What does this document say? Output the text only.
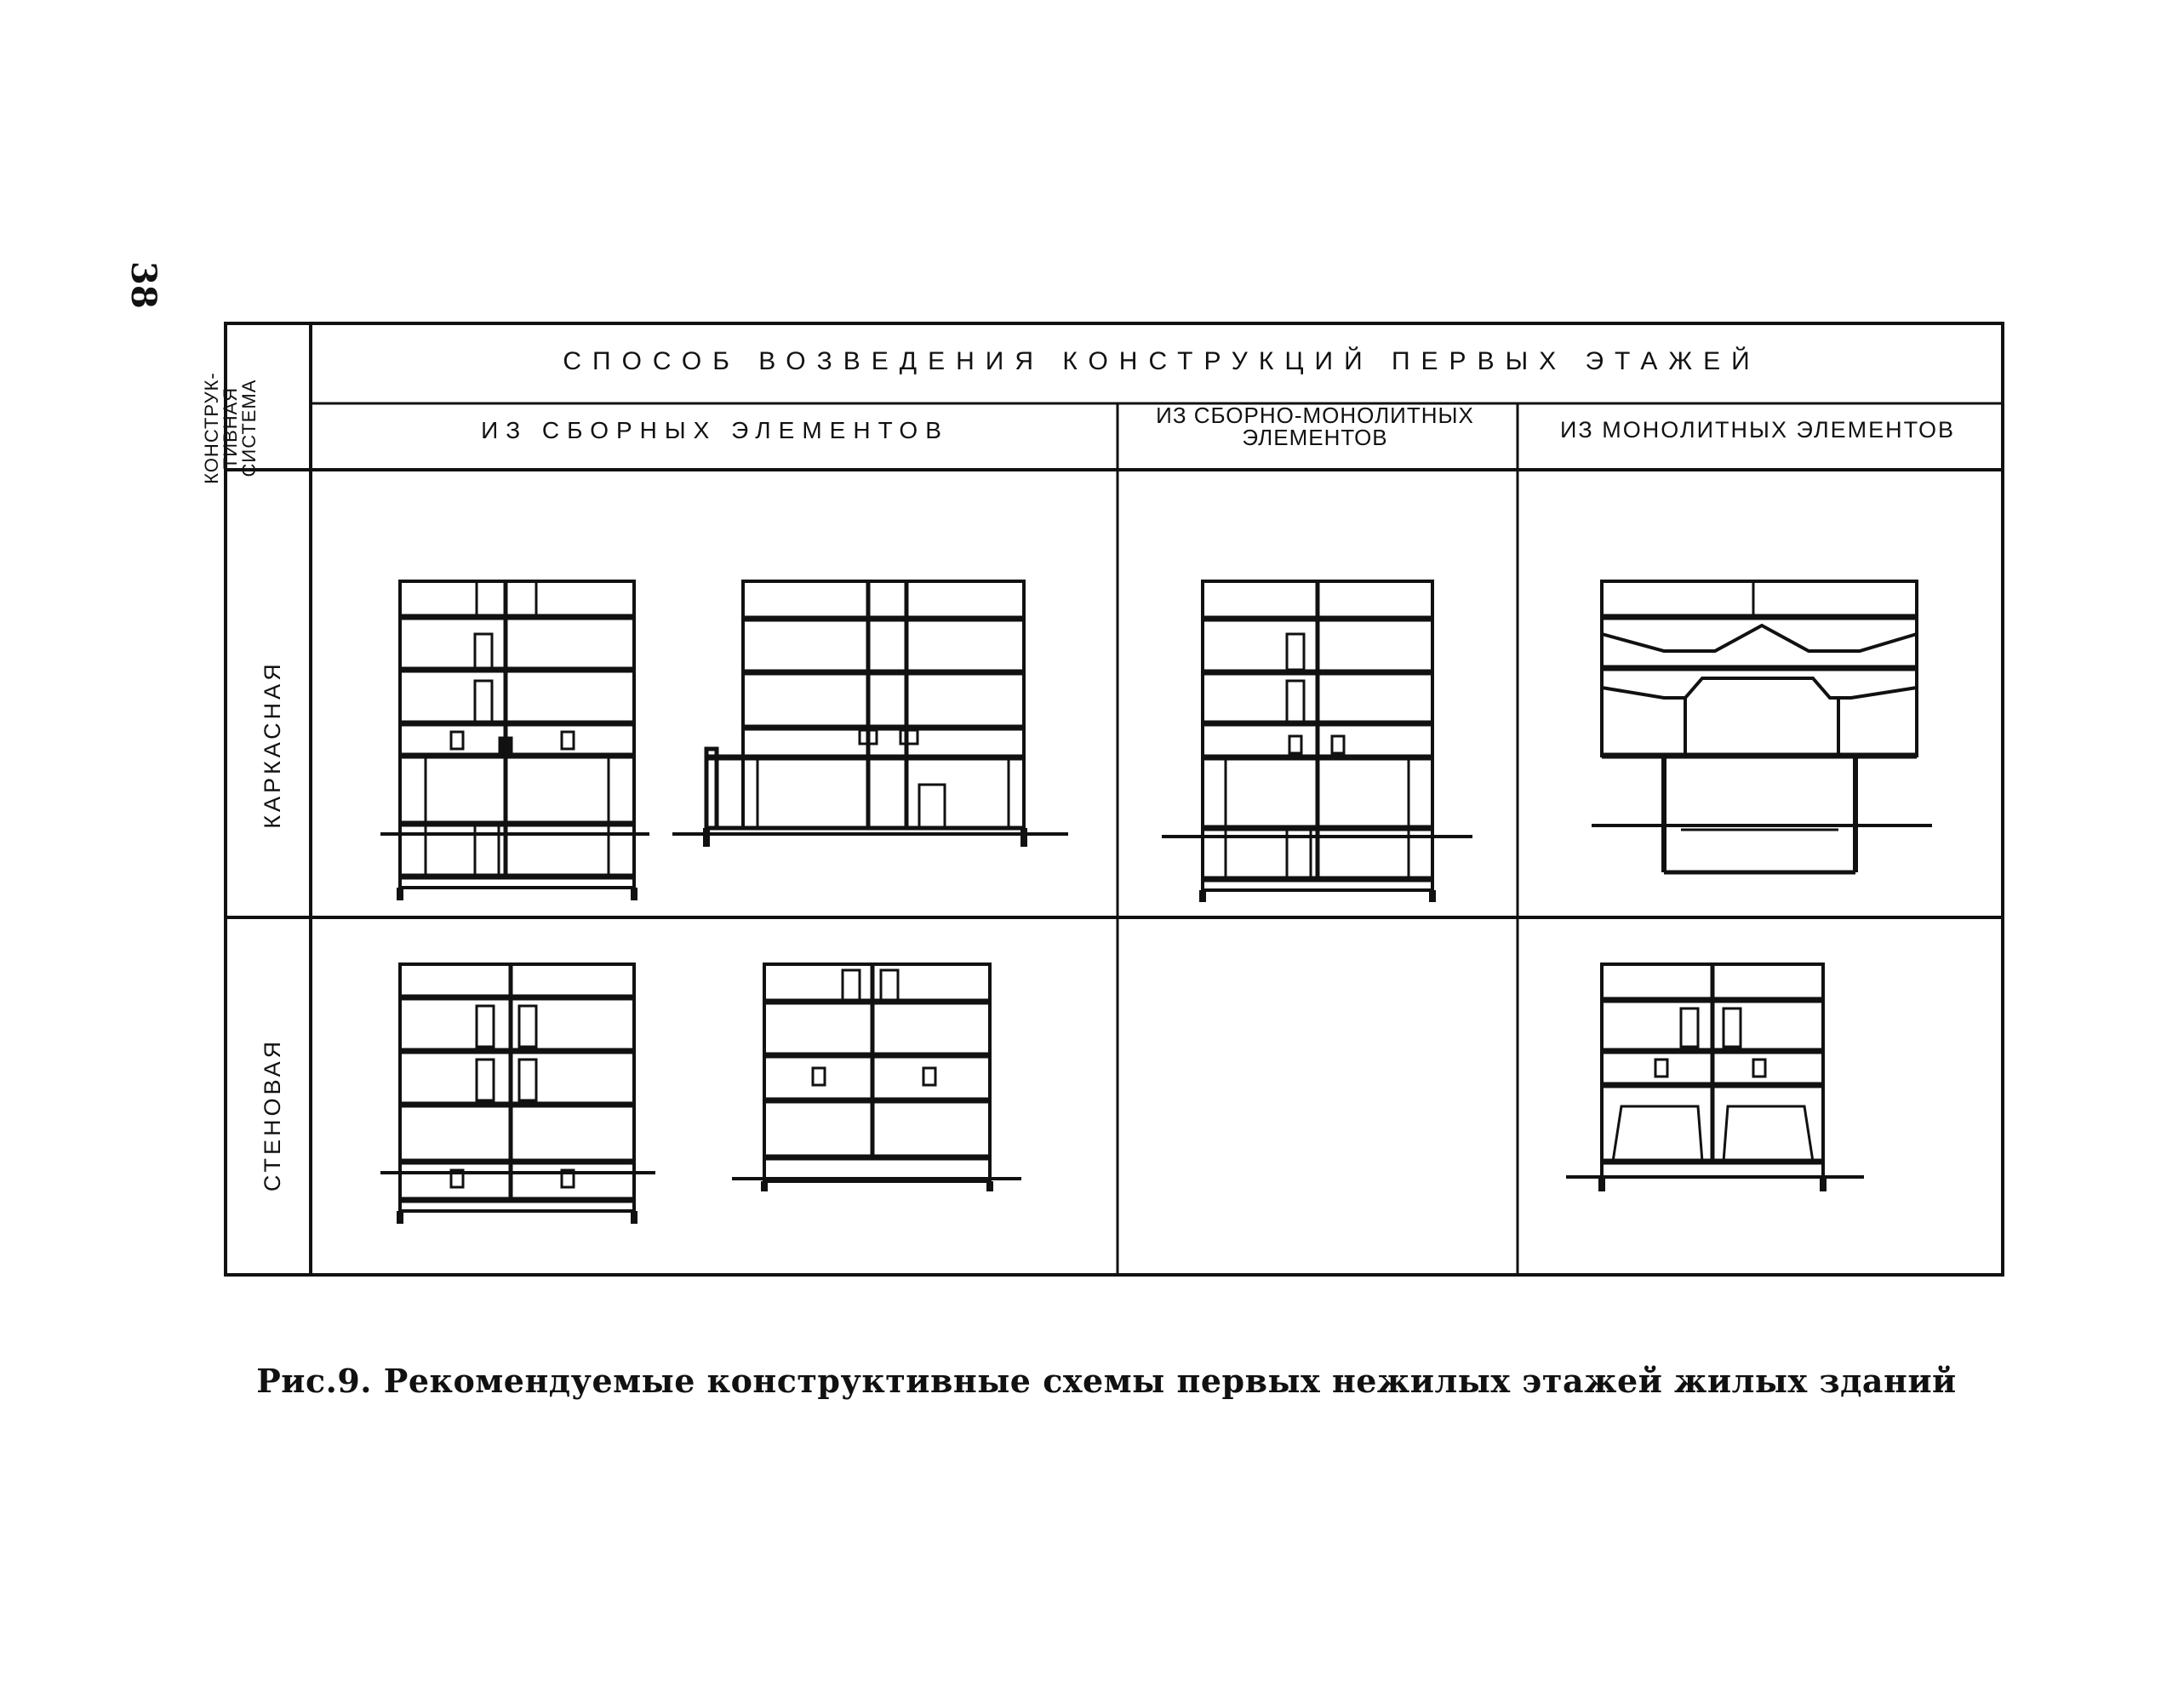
38
СПОСОБ ВОЗВЕДЕНИЯ КОНСТРУКЦИЙ ПЕРВЫХ ЭТАЖЕЙ
ИЗ СБОРНЫХ ЭЛЕМЕНТОВ
ИЗ СБОРНО-МОНОЛИТНЫХ ЭЛЕМЕНТОВ	ИЗ МОНОЛИТНЫХ ЭЛЕМЕНТОВ
КОНСТРУК-ТИВНАЯ СИСТЕМА
КАРКАСНАЯ
СТЕНОВАЯ
Рис.9. Рекомендуемые конструктивные схемы первых нежилых этажей жилых зданий
